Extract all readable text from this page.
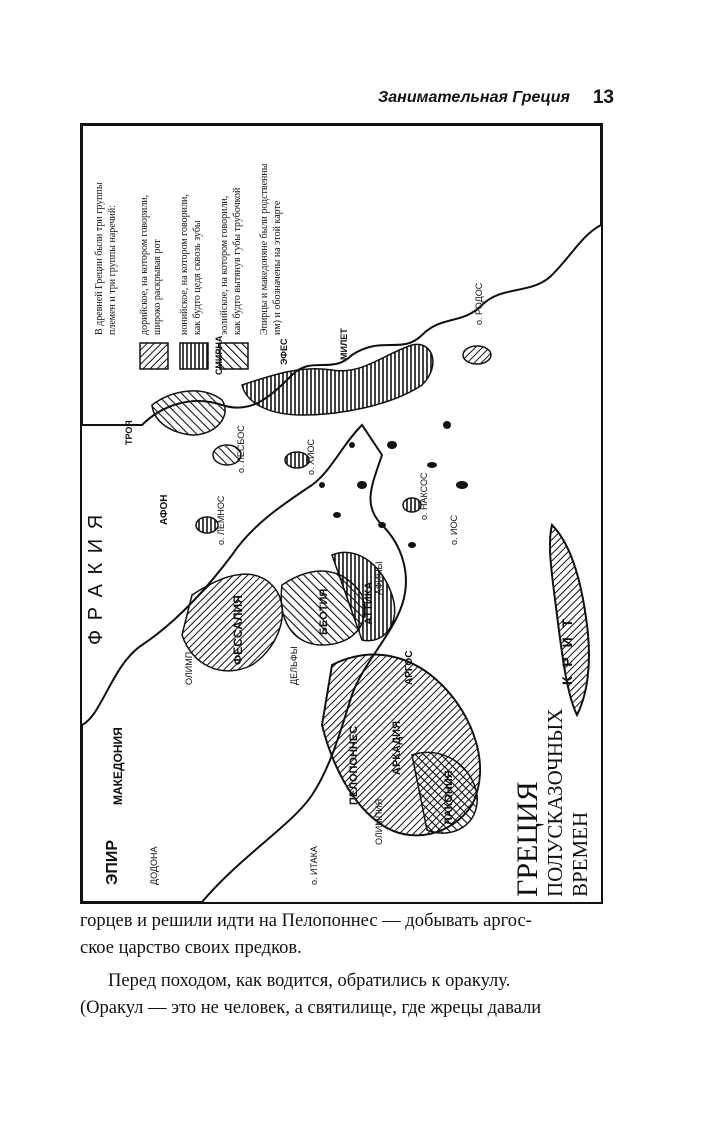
Занимательная Греция 13
Ф Р А К И Я
МАКЕДОНИЯ
ЭПИР
ФЕССАЛИЯ	БЕОТИЯ	АТТИКА
АРКАДИЯ
АРГОС
ЛАКОНИЯ
К Р И Т
АФОН
о. ЛЕСБОС	о. ХИОС
о. ЛЕМНОС	о. ИОС
о. НАКСОС
о. РОДОС
ЭФЕС	МИЛЕТ
ТРОЯ
ДОДОНА
ОЛИМП	ДЕЛЬФЫ
ОЛИМПИЯ
АФИНЫ
ПЕЛОПОННЕС
о. ИТАКА
СМИРНА
В древней Греции были три группы племен и три группы наречий: дорийское, на котором говорили, широко раскрывая рот ионийское, на котором говорили, как будто цедя сквозь зубы эолийское, на котором говорили, как будто вытянув губы трубочкой Эпирцы и македоняне были родственны им) и обозначены на этой карте
ГРЕЦИЯ ПОЛУСКАЗОЧНЫХ ВРЕМЕН

горцев и решили идти на Пелопоннес — добывать аргос-
ское царство своих предков.

Перед походом, как водится, обратились к оракулу.
(Оракул — это не человек, а святилище, где жрецы давали
